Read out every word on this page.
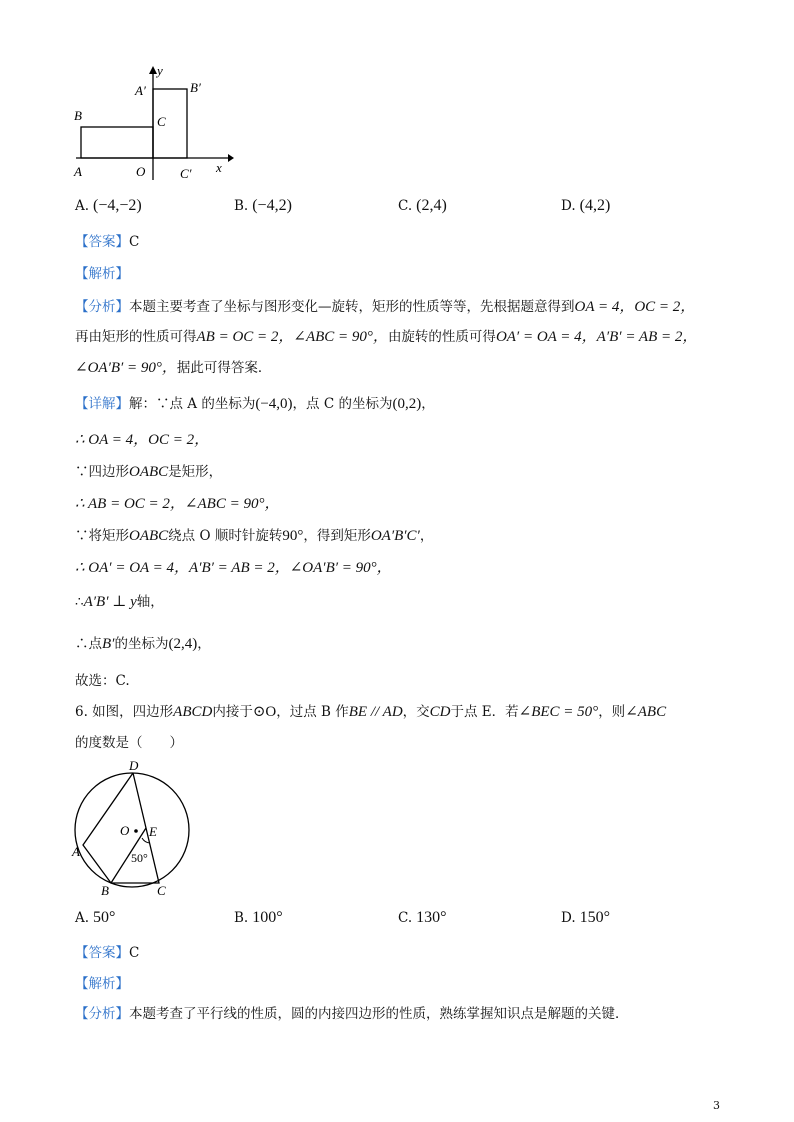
y
A′	B′
B	C
A	O	C′ x
A. (−4,−2)	B. (−4,2)	C. (2,4)	D. (4,2)
【答案】C
【解析】
【分析】本题主要考查了坐标与图形变化—旋转，矩形的性质等等，先根据题意得到OA = 4，OC = 2，
再由矩形的性质可得AB = OC = 2，∠ABC = 90°，由旋转的性质可得OA′ = OA = 4，A′B′ = AB = 2，
∠OA′B′ = 90°，据此可得答案．
【详解】解：∵点 A 的坐标为(−4,0)，点 C 的坐标为(0,2)，
∴ OA = 4，OC = 2，
∵四边形OABC是矩形，
∴ AB = OC = 2，∠ABC = 90°，
∵将矩形OABC绕点 O 顺时针旋转90°，得到矩形OA′B′C′，
∴ OA′ = OA = 4，A′B′ = AB = 2，∠OA′B′ = 90°，
∴A′B′ ⊥ y轴，
∴点B′的坐标为(2,4)，
故选：C.
6. 如图，四边形ABCD内接于⊙O，过点 B 作BE // AD，交CD于点 E．若∠BEC = 50°，则∠ABC
的度数是（　　）
D
O E
A	50°
B	C
A. 50°	B. 100°	C. 130°	D. 150°
【答案】C
【解析】
【分析】本题考查了平行线的性质，圆的内接四边形的性质，熟练掌握知识点是解题的关键．
3
